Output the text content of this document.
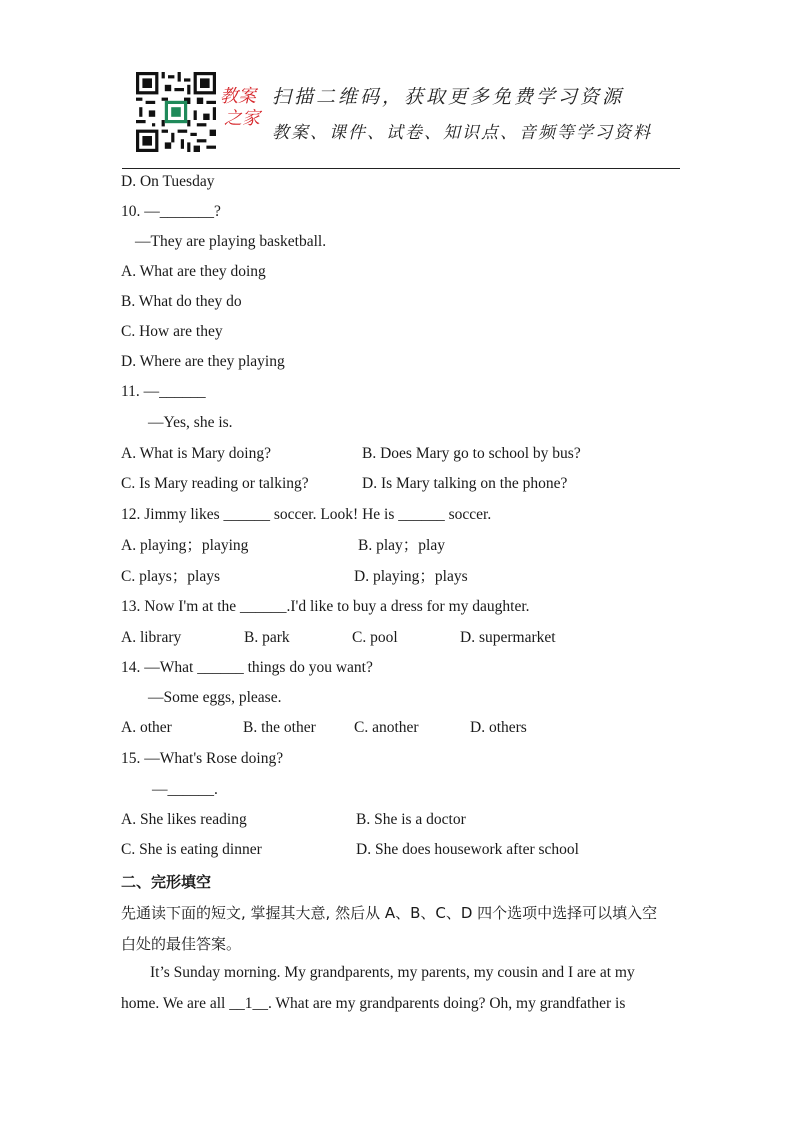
教案
之家
扫描二维码，获取更多免费学习资源
教案、课件、试卷、知识点、音频等学习资料
D. On Tuesday
10. —_______?
—They are playing basketball.
A. What are they doing
B. What do they do
C. How are they
D. Where are they playing
11. —______
—Yes, she is.
A. What is Mary doing?	B. Does Mary go to school by bus?
C. Is Mary reading or talking?	D. Is Mary talking on the phone?
12. Jimmy likes ______ soccer. Look! He is ______ soccer.
A. playing；playing	B. play；play
C. plays；plays	D. playing；plays
13. Now I'm at the ______.I'd like to buy a dress for my daughter.
A. library	B. park	C. pool	D. supermarket
14. —What ______ things do you want?
—Some eggs, please.
A. other	B. the other C. another	D. others
15. —What's Rose doing?
—______.
A. She likes reading	B. She is a doctor
C. She is eating dinner	D. She does housework after school
二、完形填空
先通读下面的短文, 掌握其大意, 然后从 A、B、C、D 四个选项中选择可以填入空
白处的最佳答案。
It’s Sunday morning. My grandparents, my parents, my cousin and I are at my
home. We are all __1__. What are my grandparents doing? Oh, my grandfather is
